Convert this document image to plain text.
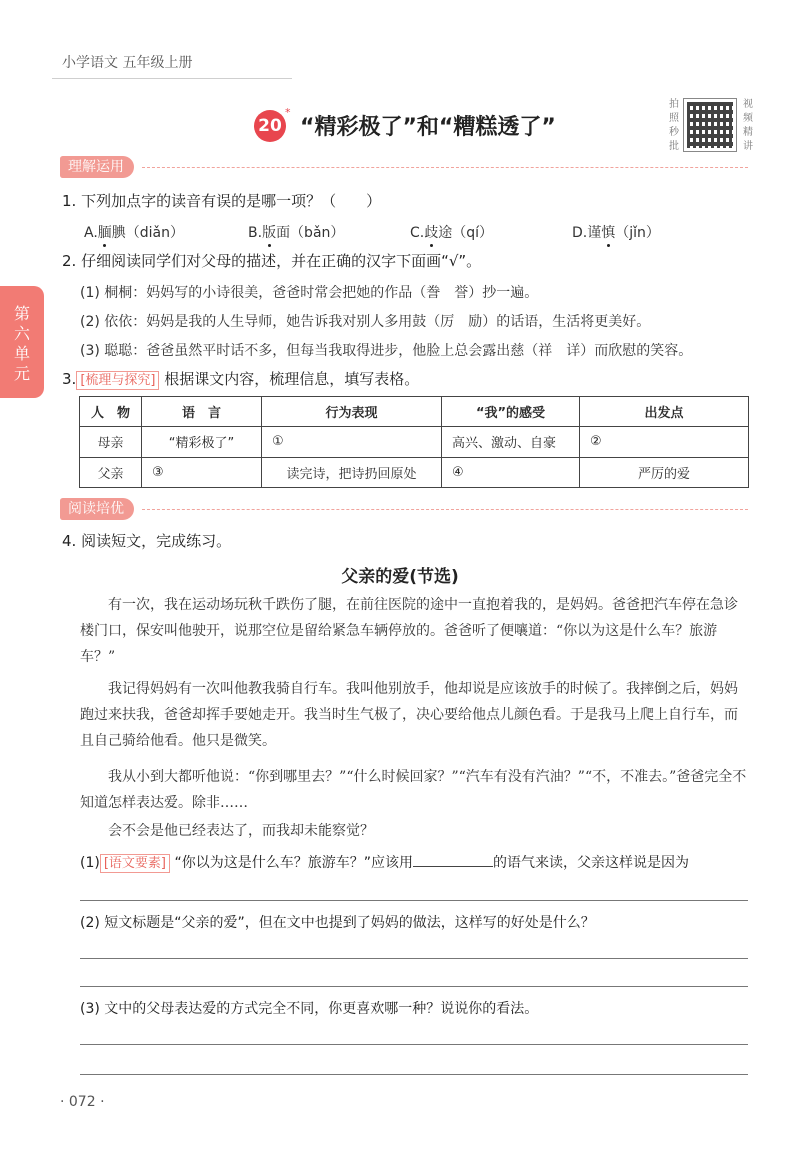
小学语文 五年级上册
20
*
“精彩极了”和“糟糕透了”
拍
照
秒
批
视
频
精
讲
第
六
单
元
理解运用
1. 下列加点字的读音有误的是哪一项？（　　）
A.腼腆（diǎn）	B.版面（bǎn）	C.歧途（qí）	D.谨慎（jǐn）
2. 仔细阅读同学们对父母的描述，并在正确的汉字下面画“√”。
(1) 桐桐：妈妈写的小诗很美，爸爸时常会把她的作品（誊　誉）抄一遍。
(2) 依依：妈妈是我的人生导师，她告诉我对别人多用鼓（厉　励）的话语，生活将更美好。
(3) 聪聪：爸爸虽然平时话不多，但每当我取得进步，他脸上总会露出慈（祥　详）而欣慰的笑容。
3. [梳理与探究] 根据课文内容，梳理信息，填写表格。
人　物	语　言	行为表现	“我”的感受	出发点
母亲	“精彩极了”	①	高兴、激动、自豪	②
父亲	③	读完诗，把诗扔回原处	④	严厉的爱
阅读培优
4. 阅读短文，完成练习。
父亲的爱(节选)
有一次，我在运动场玩秋千跌伤了腿，在前往医院的途中一直抱着我的，是妈妈。爸爸把汽车停在急诊楼门口，保安叫他驶开，说那空位是留给紧急车辆停放的。爸爸听了便嚷道：“你以为这是什么车？旅游车？”
我记得妈妈有一次叫他教我骑自行车。我叫他别放手，他却说是应该放手的时候了。我摔倒之后，妈妈跑过来扶我，爸爸却挥手要她走开。我当时生气极了，决心要给他点儿颜色看。于是我马上爬上自行车，而且自己骑给他看。他只是微笑。
我从小到大都听他说：“你到哪里去？”“什么时候回家？”“汽车有没有汽油？”“不，不准去。”爸爸完全不知道怎样表达爱。除非……
会不会是他已经表达了，而我却未能察觉？
(1) [语文要素] “你以为这是什么车？旅游车？”应该用	的语气来读，父亲这样说是因为
(2) 短文标题是“父亲的爱”，但在文中也提到了妈妈的做法，这样写的好处是什么？
(3) 文中的父母表达爱的方式完全不同，你更喜欢哪一种？说说你的看法。
· 072 ·
